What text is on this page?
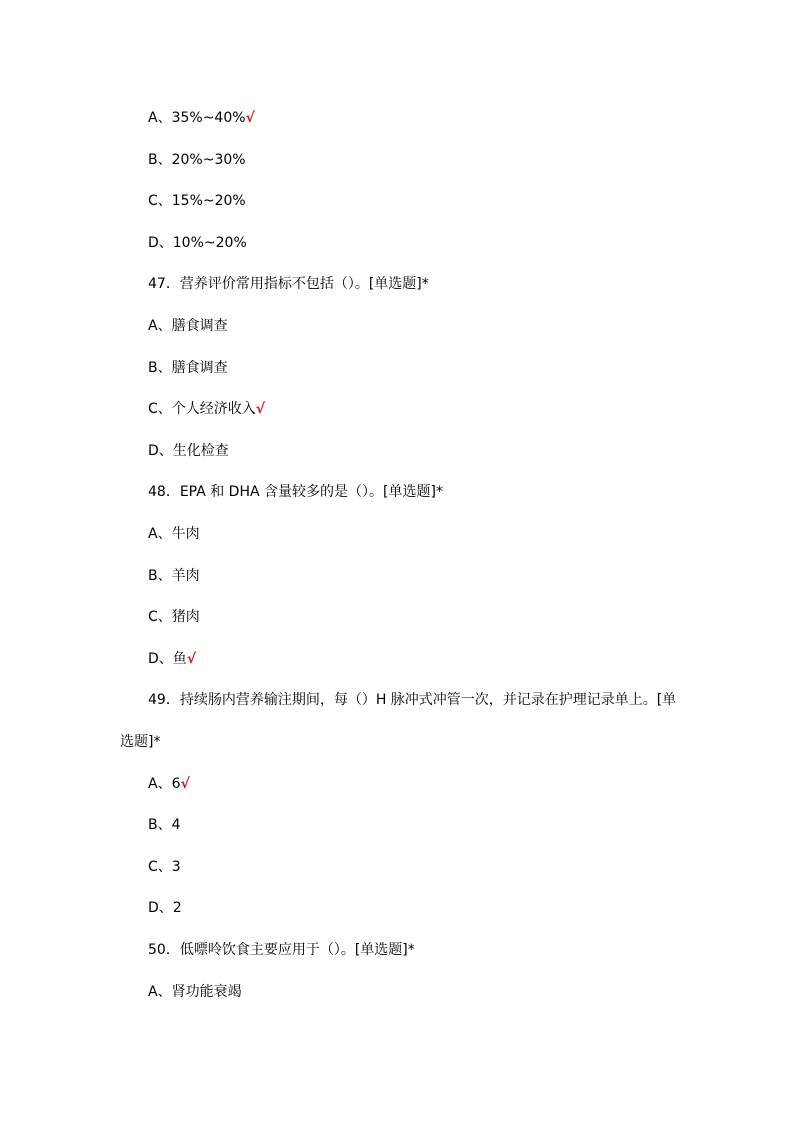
A、35%~40%√
B、20%~30%
C、15%~20%
D、10%~20%
47．营养评价常用指标不包括（）。[单选题]*
A、膳食调查
B、膳食调查
C、个人经济收入√
D、生化检查
48．EPA 和 DHA 含量较多的是（）。[单选题]*
A、牛肉
B、羊肉
C、猪肉
D、鱼√
49．持续肠内营养输注期间，每（）H 脉冲式冲管一次，并记录在护理记录单上。[单
选题]*
A、6√
B、4
C、3
D、2
50．低嘌呤饮食主要应用于（）。[单选题]*
A、肾功能衰竭
